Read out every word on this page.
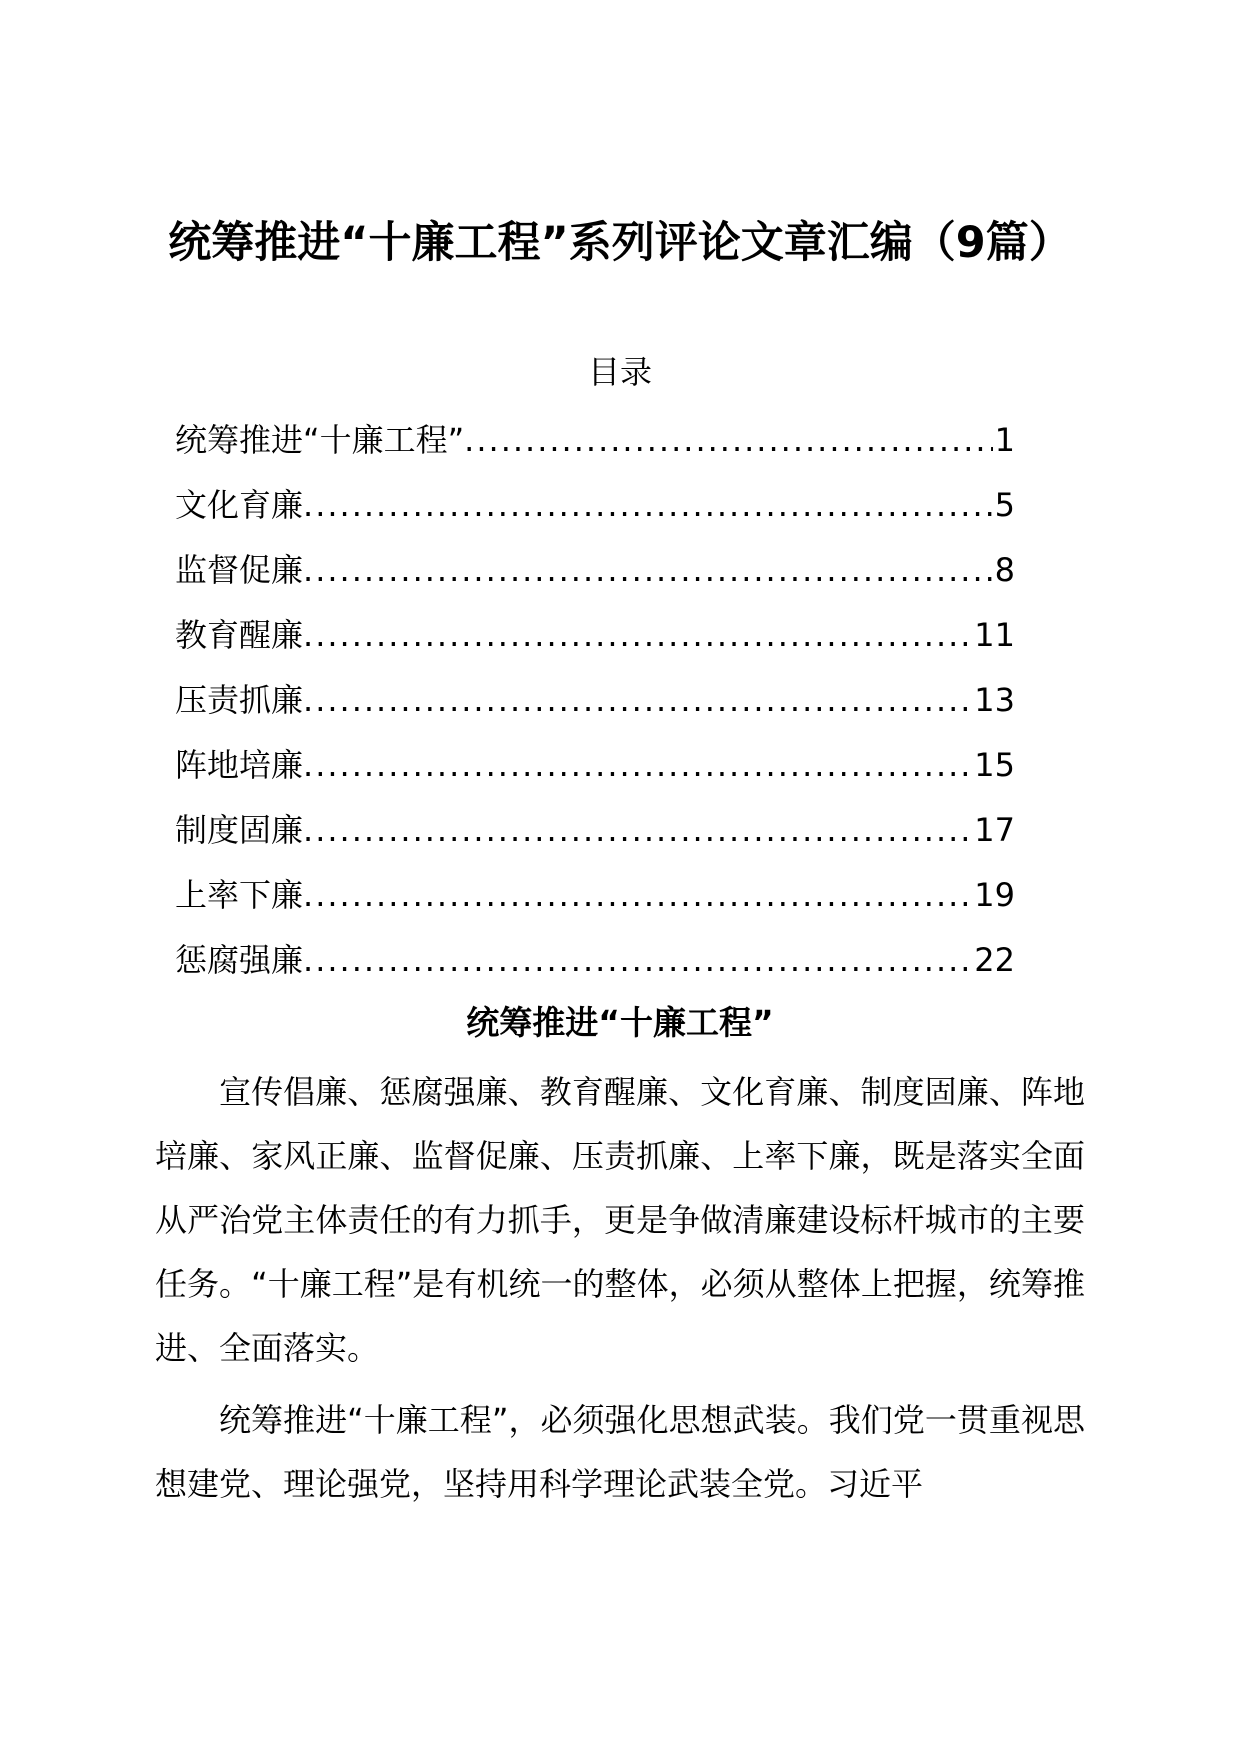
统筹推进“十廉工程”系列评论文章汇编（9篇）
目录
统筹推进“十廉工程” .....	1
文化育廉 .....	5
监督促廉 .....	8
教育醒廉 .....	11
压责抓廉 .....	13
阵地培廉 .....	15
制度固廉 .....	17
上率下廉 .....	19
惩腐强廉 .....	22
统筹推进“十廉工程”

宣传倡廉、惩腐强廉、教育醒廉、文化育廉、制度固廉、阵地培廉、家风正廉、监督促廉、压责抓廉、上率下廉，既是落实全面从严治党主体责任的有力抓手，更是争做清廉建设标杆城市的主要任务。“十廉工程”是有机统一的整体，必须从整体上把握，统筹推进、全面落实。

统筹推进“十廉工程”，必须强化思想武装。我们党一贯重视思想建党、理论强党，坚持用科学理论武装全党。习近平
